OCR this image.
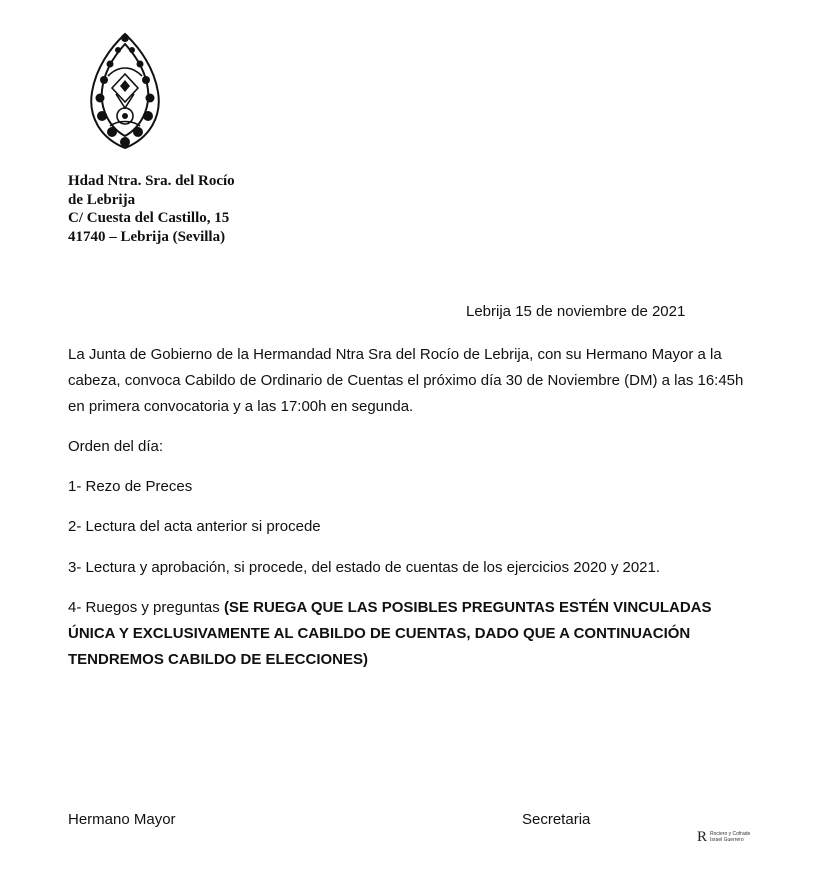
Hdad Ntra. Sra. del Rocío
de Lebrija
C/ Cuesta del Castillo, 15
41740 – Lebrija (Sevilla)
Lebrija 15 de noviembre de 2021
La Junta de Gobierno de la Hermandad Ntra Sra del Rocío de Lebrija, con su Hermano Mayor a la cabeza, convoca Cabildo de Ordinario de Cuentas el próximo día 30 de Noviembre (DM) a las 16:45h en primera convocatoria y a las 17:00h en segunda.
Orden del día:
1- Rezo de Preces
2- Lectura del acta anterior si procede
3- Lectura y aprobación, si procede, del estado de cuentas de los ejercicios 2020 y 2021.
4- Ruegos y preguntas (SE RUEGA QUE LAS POSIBLES PREGUNTAS ESTÉN VINCULADAS ÚNICA Y EXCLUSIVAMENTE AL CABILDO DE CUENTAS, DADO QUE A CONTINUACIÓN TENDREMOS CABILDO DE ELECCIONES)
Hermano Mayor	Secretaria
R Rociero y Cofrade
Israel Guerrero
